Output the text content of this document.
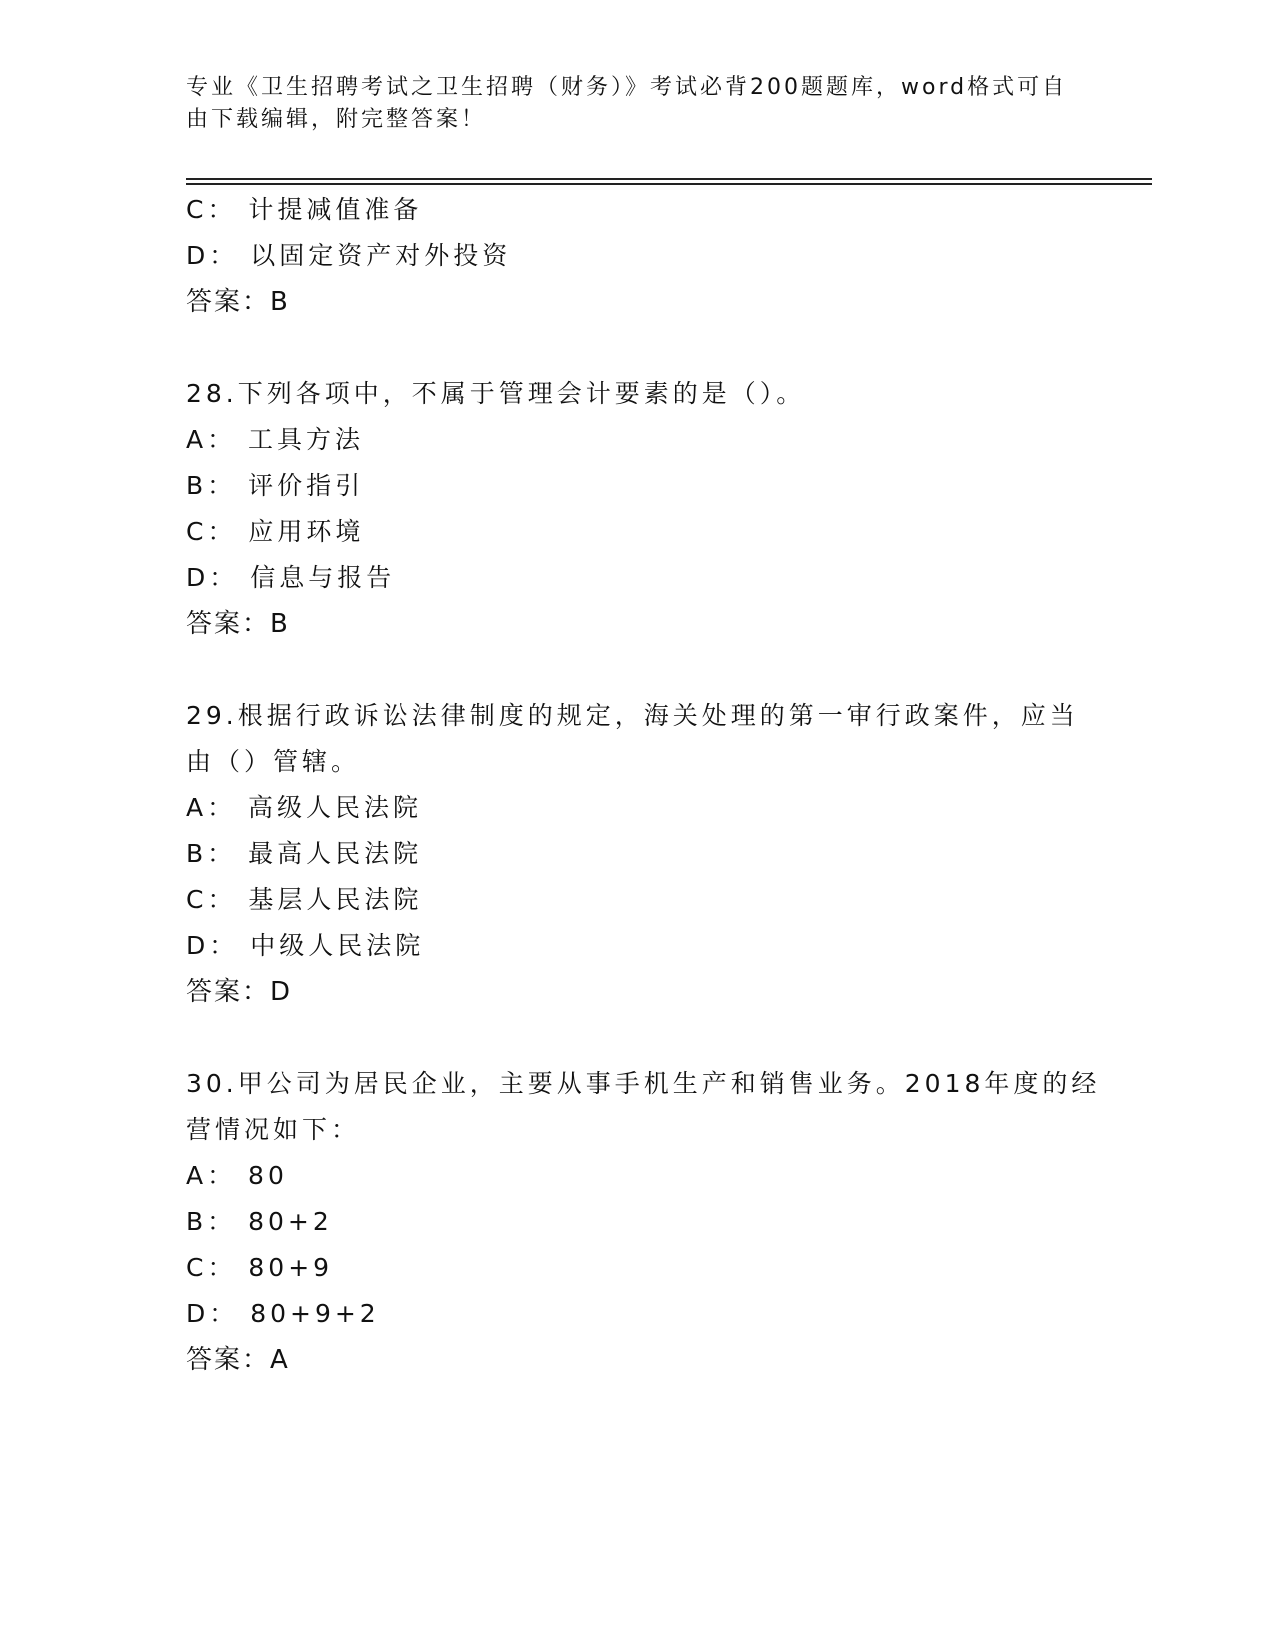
专业《卫生招聘考试之卫生招聘（财务）》考试必背200题题库，word格式可自
由下载编辑，附完整答案！
C： 计提减值准备
D： 以固定资产对外投资
答案：B
28.下列各项中，不属于管理会计要素的是（）。
A： 工具方法
B： 评价指引
C： 应用环境
D： 信息与报告
答案：B
29.根据行政诉讼法律制度的规定，海关处理的第一审行政案件，应当
由（）管辖。
A： 高级人民法院
B： 最高人民法院
C： 基层人民法院
D： 中级人民法院
答案：D
30.甲公司为居民企业，主要从事手机生产和销售业务。2018年度的经
营情况如下：
A： 80
B： 80+2
C： 80+9
D： 80+9+2
答案：A
